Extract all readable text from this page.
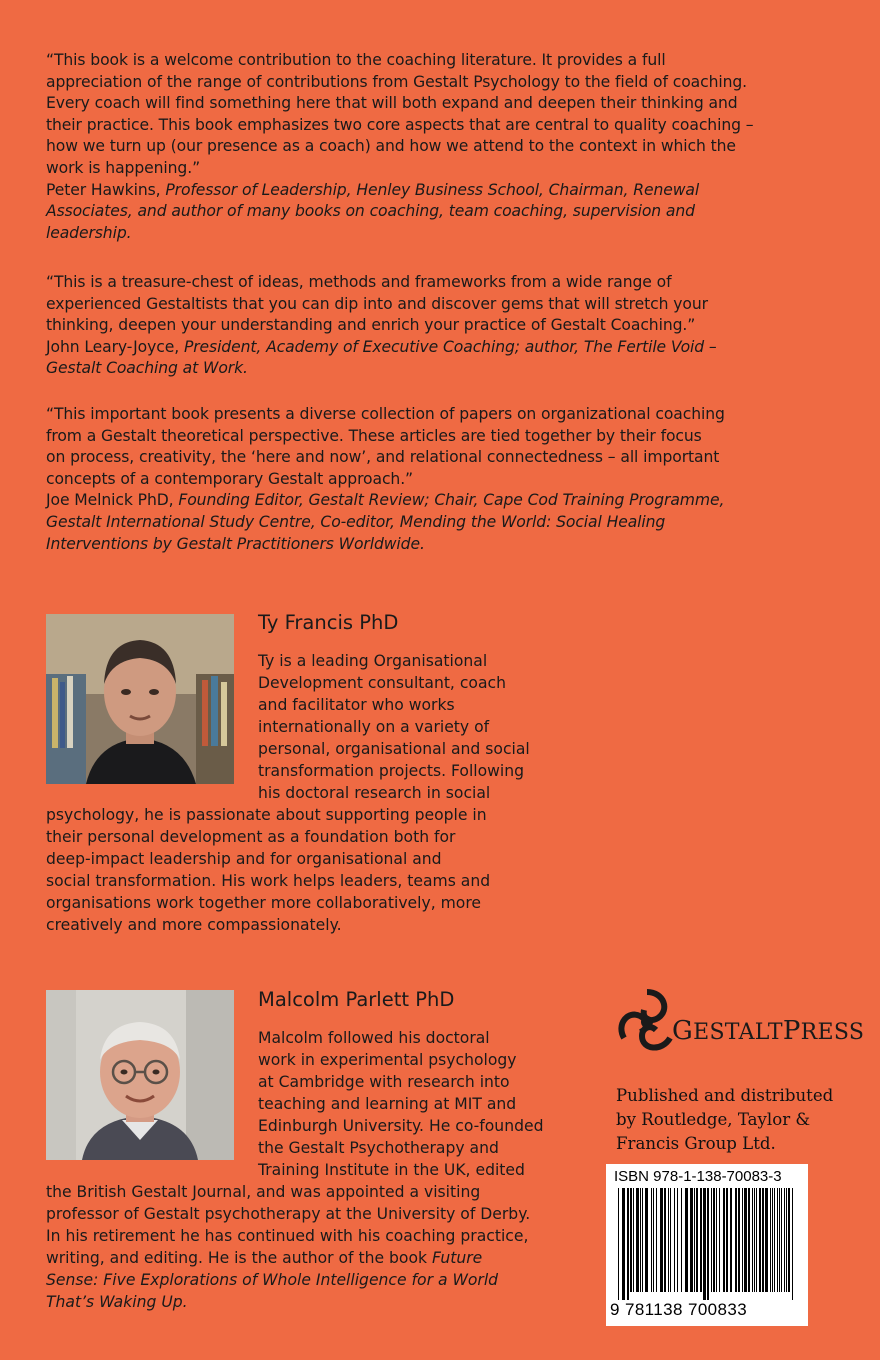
“This book is a welcome contribution to the coaching literature. It provides a full
appreciation of the range of contributions from Gestalt Psychology to the field of coaching.
Every coach will find something here that will both expand and deepen their thinking and
their practice. This book emphasizes two core aspects that are central to quality coaching –
how we turn up (our presence as a coach) and how we attend to the context in which the
work is happening.”
Peter Hawkins, Professor of Leadership, Henley Business School, Chairman, Renewal
Associates, and author of many books on coaching, team coaching, supervision and
leadership.
“This is a treasure-chest of ideas, methods and frameworks from a wide range of
experienced Gestaltists that you can dip into and discover gems that will stretch your
thinking, deepen your understanding and enrich your practice of Gestalt Coaching.”
John Leary-Joyce, President, Academy of Executive Coaching; author, The Fertile Void –
Gestalt Coaching at Work.
“This important book presents a diverse collection of papers on organizational coaching
from a Gestalt theoretical perspective. These articles are tied together by their focus
on process, creativity, the ‘here and now’, and relational connectedness – all important
concepts of a contemporary Gestalt approach.”
Joe Melnick PhD, Founding Editor, Gestalt Review; Chair, Cape Cod Training Programme,
Gestalt International Study Centre, Co-editor, Mending the World: Social Healing
Interventions by Gestalt Practitioners Worldwide.
Ty Francis PhD
Ty is a leading Organisational
Development consultant, coach
and facilitator who works
internationally on a variety of
personal, organisational and social
transformation projects. Following
his doctoral research in social
psychology, he is passionate about supporting people in
their personal development as a foundation both for
deep-impact leadership and for organisational and
social transformation. His work helps leaders, teams and
organisations work together more collaboratively, more
creatively and more compassionately.
Malcolm Parlett PhD
Malcolm followed his doctoral
work in experimental psychology
at Cambridge with research into
teaching and learning at MIT and
Edinburgh University. He co-founded
the Gestalt Psychotherapy and
Training Institute in the UK, edited
the British Gestalt Journal, and was appointed a visiting
professor of Gestalt psychotherapy at the University of Derby.
In his retirement he has continued with his coaching practice,
writing, and editing. He is the author of the book Future
Sense: Five Explorations of Whole Intelligence for a World
That’s Waking Up.
GESTALTPRESS
Published and distributed
by Routledge, Taylor &
Francis Group Ltd.
ISBN 978-1-138-70083-3
9 781138 700833
